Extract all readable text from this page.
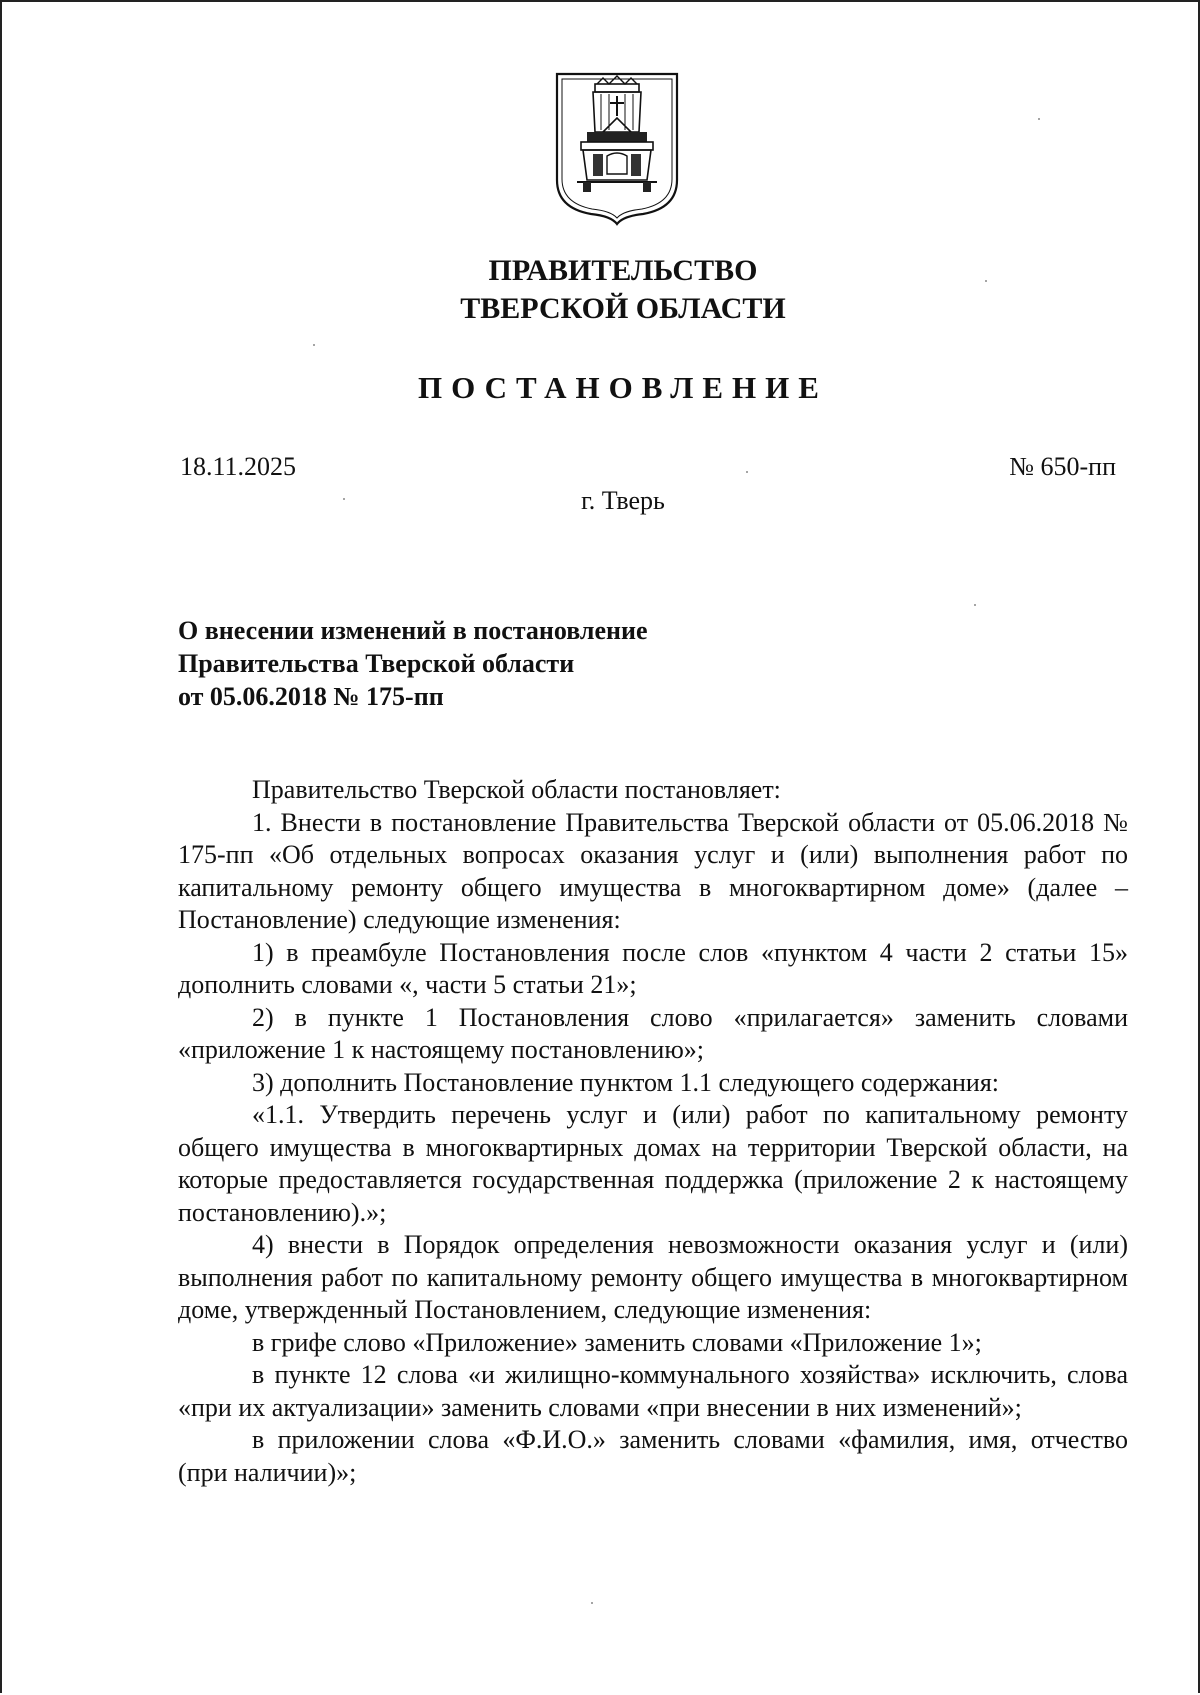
ПРАВИТЕЛЬСТВО
ТВЕРСКОЙ ОБЛАСТИ
ПОСТАНОВЛЕНИЕ
18.11.2025	№ 650-пп
г. Тверь
О внесении изменений в постановление
Правительства Тверской области
от 05.06.2018 № 175-пп

Правительство Тверской области постановляет:

1. Внести в постановление Правительства Тверской области от 05.06.2018 № 175-пп «Об отдельных вопросах оказания услуг и (или) выполнения работ по капитальному ремонту общего имущества в многоквартирном доме» (далее – Постановление) следующие изменения:

1) в преамбуле Постановления после слов «пунктом 4 части 2 статьи 15» дополнить словами «, части 5 статьи 21»;

2) в пункте 1 Постановления слово «прилагается» заменить словами «приложение 1 к настоящему постановлению»;

3) дополнить Постановление пунктом 1.1 следующего содержания:

«1.1. Утвердить перечень услуг и (или) работ по капитальному ремонту общего имущества в многоквартирных домах на территории Тверской области, на которые предоставляется государственная поддержка (приложение 2 к настоящему постановлению).»;

4) внести в Порядок определения невозможности оказания услуг и (или) выполнения работ по капитальному ремонту общего имущества в многоквартирном доме, утвержденный Постановлением, следующие изменения:

в грифе слово «Приложение» заменить словами «Приложение 1»;

в пункте 12 слова «и жилищно-коммунального хозяйства» исключить, слова «при их актуализации» заменить словами «при внесении в них изменений»;

в приложении слова «Ф.И.О.» заменить словами «фамилия, имя, отчество (при наличии)»;
